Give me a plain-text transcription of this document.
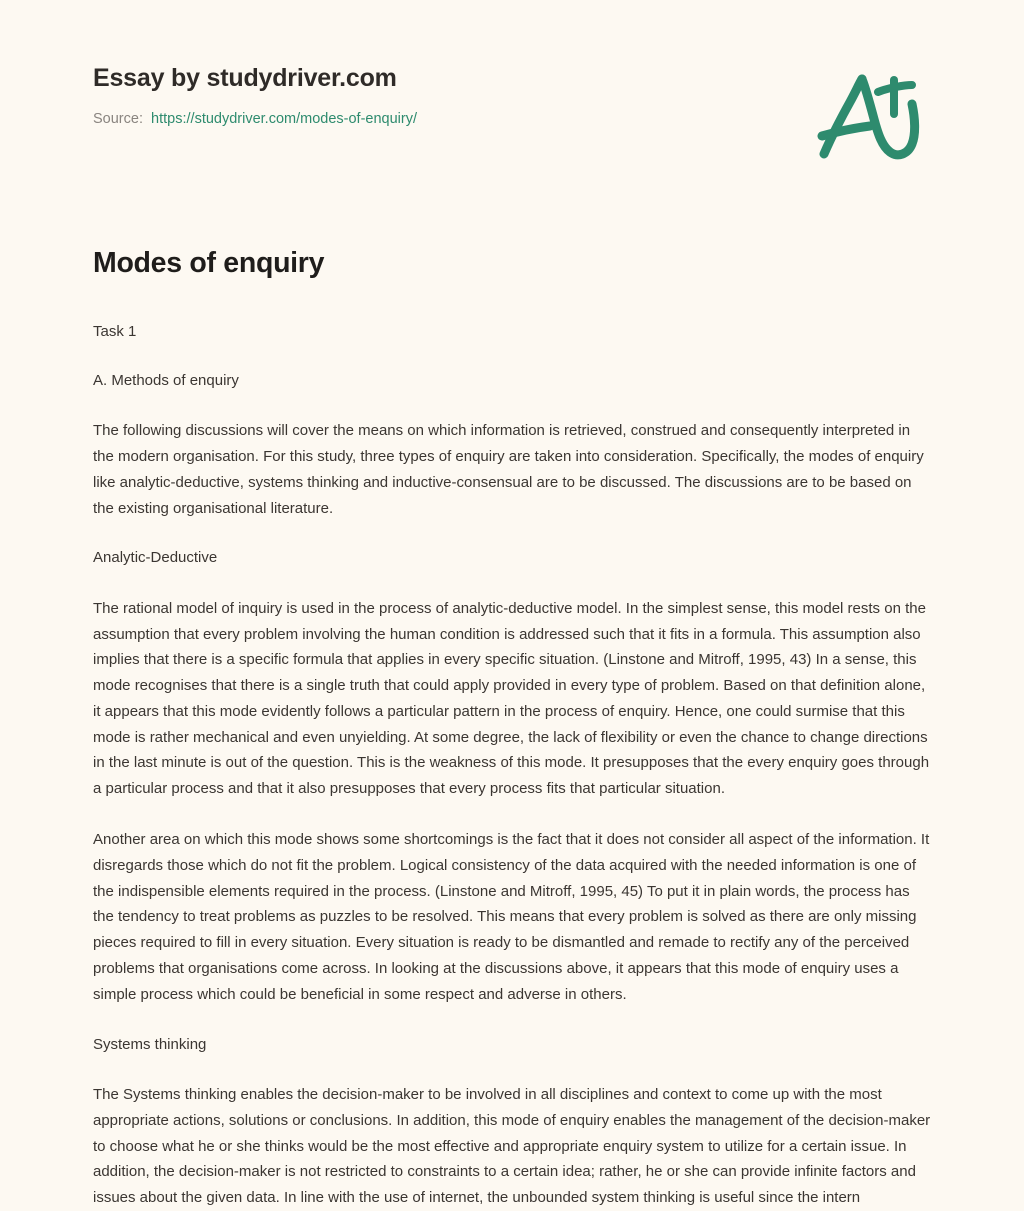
Essay by studydriver.com
Source: https://studydriver.com/modes-of-enquiry/
Modes of enquiry

Task 1

A. Methods of enquiry

The following discussions will cover the means on which information is retrieved, construed and consequently interpreted in the modern organisation. For this study, three types of enquiry are taken into consideration. Specifically, the modes of enquiry like analytic-deductive, systems thinking and inductive-consensual are to be discussed. The discussions are to be based on the existing organisational literature.

Analytic-Deductive

The rational model of inquiry is used in the process of analytic-deductive model. In the simplest sense, this model rests on the assumption that every problem involving the human condition is addressed such that it fits in a formula. This assumption also implies that there is a specific formula that applies in every specific situation. (Linstone and Mitroff, 1995, 43) In a sense, this mode recognises that there is a single truth that could apply provided in every type of problem. Based on that definition alone, it appears that this mode evidently follows a particular pattern in the process of enquiry. Hence, one could surmise that this mode is rather mechanical and even unyielding. At some degree, the lack of flexibility or even the chance to change directions in the last minute is out of the question. This is the weakness of this mode. It presupposes that the every enquiry goes through a particular process and that it also presupposes that every process fits that particular situation.

Another area on which this mode shows some shortcomings is the fact that it does not consider all aspect of the information. It disregards those which do not fit the problem. Logical consistency of the data acquired with the needed information is one of the indispensible elements required in the process. (Linstone and Mitroff, 1995, 45) To put it in plain words, the process has the tendency to treat problems as puzzles to be resolved. This means that every problem is solved as there are only missing pieces required to fill in every situation. Every situation is ready to be dismantled and remade to rectify any of the perceived problems that organisations come across. In looking at the discussions above, it appears that this mode of enquiry uses a simple process which could be beneficial in some respect and adverse in others.

Systems thinking

The Systems thinking enables the decision-maker to be involved in all disciplines and context to come up with the most appropriate actions, solutions or conclusions. In addition, this mode of enquiry enables the management of the decision-maker to choose what he or she thinks would be the most effective and appropriate enquiry system to utilize for a certain issue. In addition, the decision-maker is not restricted to constraints to a certain idea; rather, he or she can provide infinite factors and issues about the given data. In line with the use of internet, the unbounded system thinking is useful since the intern
